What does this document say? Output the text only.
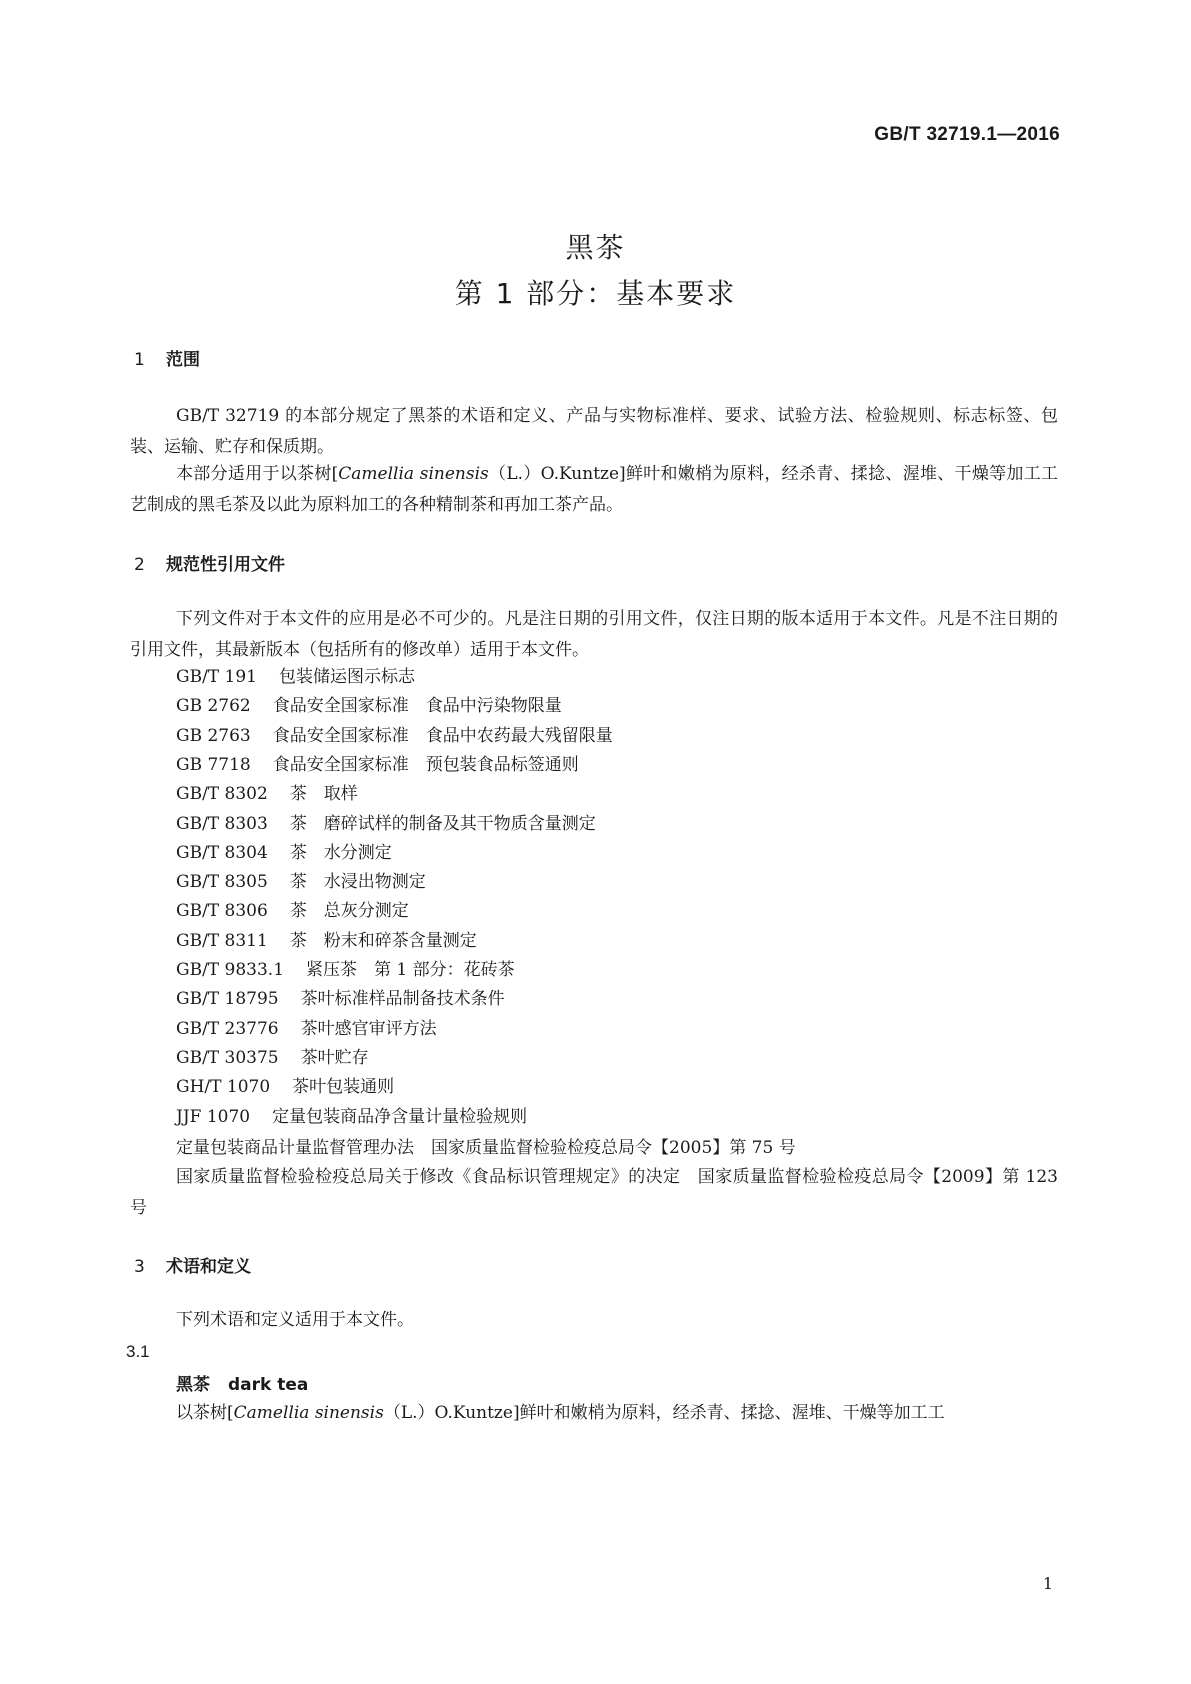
GB/T 32719.1—2016
黑茶
第 1 部分：基本要求
1 范围
GB/T 32719 的本部分规定了黑茶的术语和定义、产品与实物标准样、要求、试验方法、检验规则、标志标签、包装、运输、贮存和保质期。
本部分适用于以茶树[Camellia sinensis（L.）O.Kuntze]鲜叶和嫩梢为原料，经杀青、揉捻、渥堆、干燥等加工工艺制成的黑毛茶及以此为原料加工的各种精制茶和再加工茶产品。
2 规范性引用文件
下列文件对于本文件的应用是必不可少的。凡是注日期的引用文件，仅注日期的版本适用于本文件。凡是不注日期的引用文件，其最新版本（包括所有的修改单）适用于本文件。
GB/T 191 包装储运图示标志
GB 2762 食品安全国家标准　食品中污染物限量
GB 2763 食品安全国家标准　食品中农药最大残留限量
GB 7718 食品安全国家标准　预包装食品标签通则
GB/T 8302 茶　取样
GB/T 8303 茶　磨碎试样的制备及其干物质含量测定
GB/T 8304 茶　水分测定
GB/T 8305 茶　水浸出物测定
GB/T 8306 茶　总灰分测定
GB/T 8311 茶　粉末和碎茶含量测定
GB/T 9833.1 紧压茶　第 1 部分：花砖茶
GB/T 18795 茶叶标准样品制备技术条件
GB/T 23776 茶叶感官审评方法
GB/T 30375 茶叶贮存
GH/T 1070 茶叶包装通则
JJF 1070 定量包装商品净含量计量检验规则
定量包装商品计量监督管理办法　国家质量监督检验检疫总局令【2005】第 75 号
国家质量监督检验检疫总局关于修改《食品标识管理规定》的决定　国家质量监督检验检疫总局令【2009】第 123 号
3 术语和定义
下列术语和定义适用于本文件。
3.1
黑茶 dark tea
以茶树[Camellia sinensis（L.）O.Kuntze]鲜叶和嫩梢为原料，经杀青、揉捻、渥堆、干燥等加工工
1
